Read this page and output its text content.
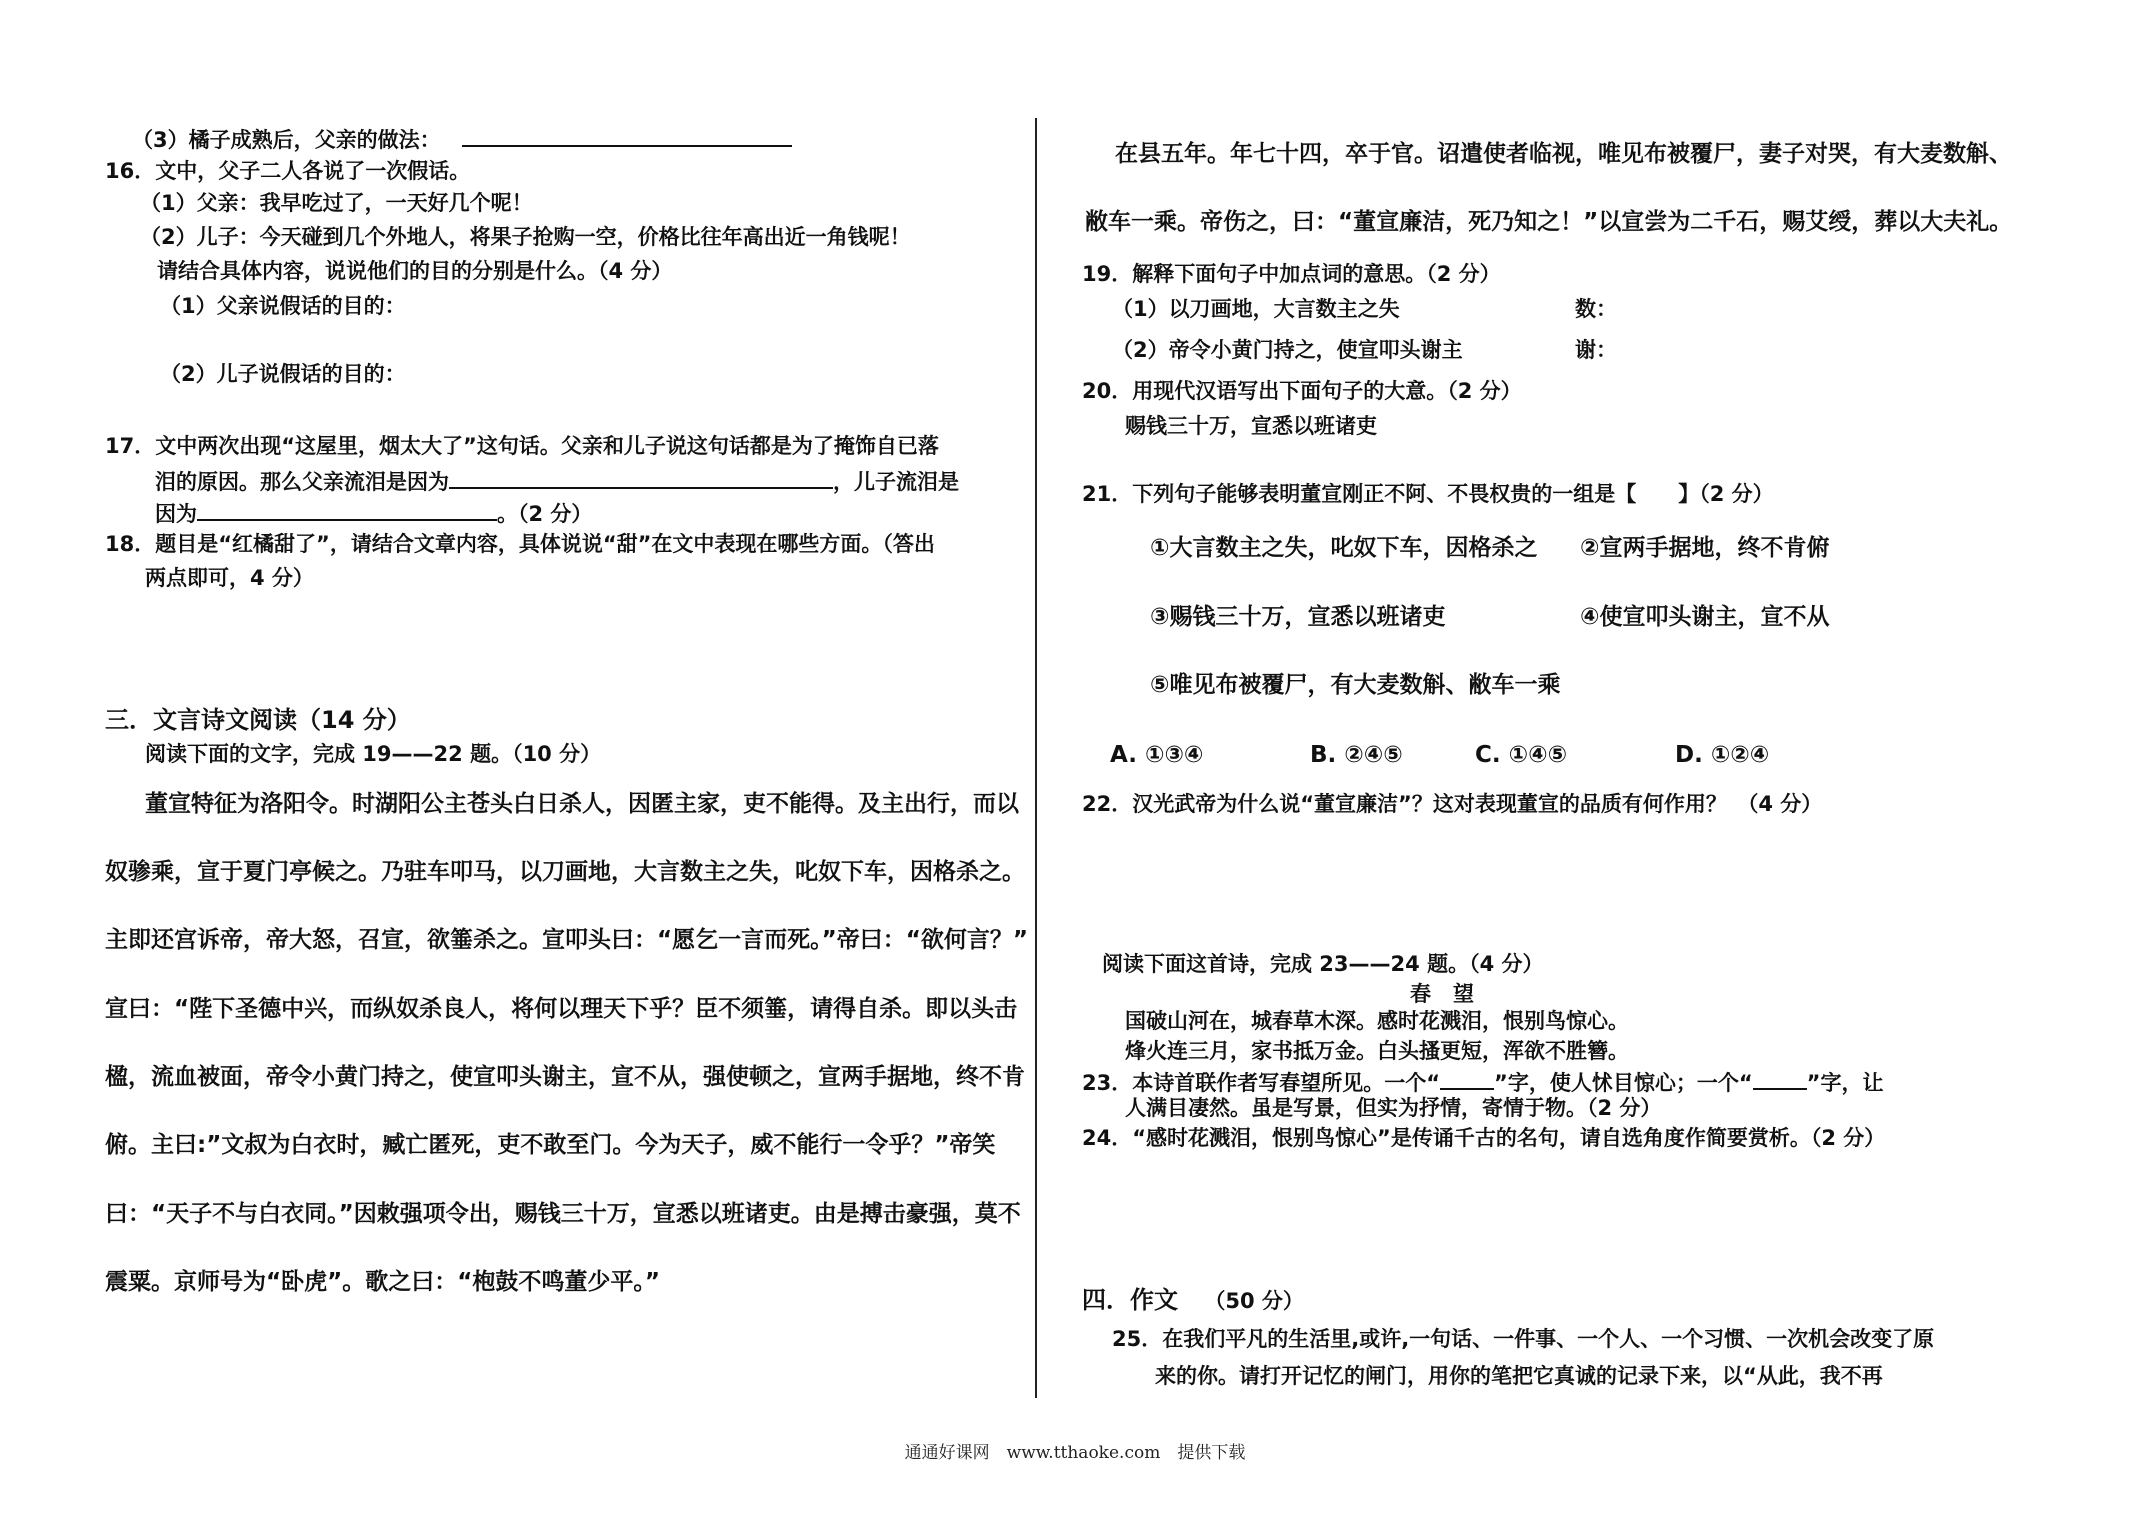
（3）橘子成熟后，父亲的做法：
16．文中，父子二人各说了一次假话。
（1）父亲：我早吃过了，一天好几个呢！
（2）儿子：今天碰到几个外地人，将果子抢购一空，价格比往年高出近一角钱呢！
请结合具体内容，说说他们的目的分别是什么。（4 分）
（1）父亲说假话的目的：
（2）儿子说假话的目的：
17．文中两次出现“这屋里，烟太大了”这句话。父亲和儿子说这句话都是为了掩饰自已落
泪的原因。那么父亲流泪是因为	，儿子流泪是
因为	。（2 分）
18．题目是“红橘甜了”，请结合文章内容，具体说说“甜”在文中表现在哪些方面。（答出
两点即可，4 分）
三．文言诗文阅读（14 分）
阅读下面的文字，完成 19——22 题。（10 分）
董宣特征为洛阳令。时湖阳公主苍头白日杀人，因匿主家，吏不能得。及主出行，而以
奴骖乘，宣于夏门亭候之。乃驻车叩马，以刀画地，大言数主之失，叱奴下车，因格杀之。
主即还宫诉帝，帝大怒，召宣，欲箠杀之。宣叩头曰：“愿乞一言而死。”帝曰：“欲何言？”
宣曰：“陛下圣德中兴，而纵奴杀良人，将何以理天下乎？臣不须箠，请得自杀。即以头击
楹，流血被面，帝令小黄门持之，使宣叩头谢主，宣不从，强使顿之，宣两手据地，终不肯
俯。主曰:”文叔为白衣时，臧亡匿死，吏不敢至门。今为天子，威不能行一令乎？”帝笑
曰：“天子不与白衣同。”因敕强项令出，赐钱三十万，宣悉以班诸吏。由是搏击豪强，莫不
震粟。京师号为“卧虎”。歌之曰：“枹鼓不鸣董少平。”
在县五年。年七十四，卒于官。诏遣使者临视，唯见布被覆尸，妻子对哭，有大麦数斛、
敝车一乘。帝伤之，曰：“董宣廉洁，死乃知之！”以宣尝为二千石，赐艾绶，葬以大夫礼。
19．解释下面句子中加点词的意思。（2 分）
（1）以刀画地，大言数主之失	数：
（2）帝令小黄门持之，使宣叩头谢主	谢：
20．用现代汉语写出下面句子的大意。（2 分）
赐钱三十万，宣悉以班诸吏
21．下列句子能够表明董宣刚正不阿、不畏权贵的一组是【　　】（2 分）
①大言数主之失，叱奴下车，因格杀之 ②宣两手据地，终不肯俯
③赐钱三十万，宣悉以班诸吏	④使宣叩头谢主，宣不从
⑤唯见布被覆尸，有大麦数斛、敝车一乘
A. ①③④	B. ②④⑤	C. ①④⑤	D. ①②④
22．汉光武帝为什么说“董宣廉洁”？这对表现董宣的品质有何作用？　（4 分）
阅读下面这首诗，完成 23——24 题。（4 分）
春望
国破山河在，城春草木深。感时花溅泪，恨别鸟惊心。
烽火连三月，家书抵万金。白头搔更短，浑欲不胜簪。
23．本诗首联作者写春望所见。一个“	”字，使人怵目惊心；一个“	”字，让
人满目凄然。虽是写景，但实为抒情，寄情于物。（2 分）
24．“感时花溅泪，恨别鸟惊心”是传诵千古的名句，请自选角度作简要赏析。（2 分）
四．作文 （50 分）
25．在我们平凡的生活里,或许,一句话、一件事、一个人、一个习惯、一次机会改变了原
来的你。请打开记忆的闸门，用你的笔把它真诚的记录下来，以“从此，我不再
通通好课网　www.tthaoke.com　提供下载
